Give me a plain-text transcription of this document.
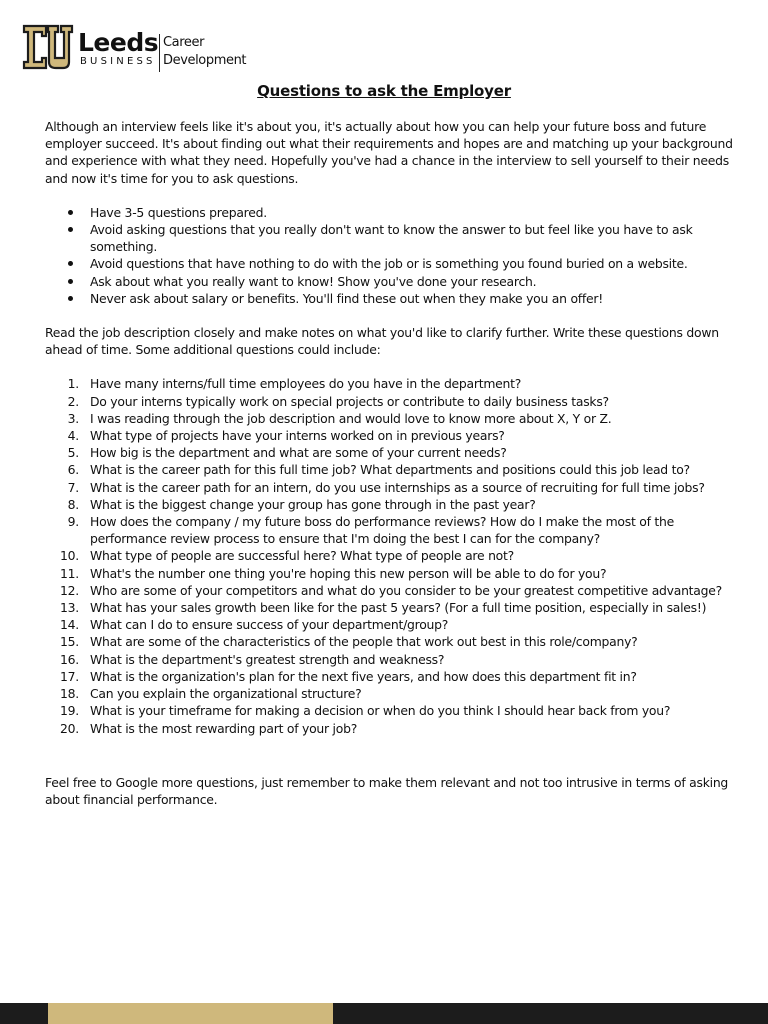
Leeds
BUSINESS
Career
Development
Questions to ask the Employer

Although an interview feels like it's about you, it's actually about how you can help your future boss and future employer succeed. It's about finding out what their requirements and hopes are and matching up your background and experience with what they need. Hopefully you've had a chance in the interview to sell yourself to their needs and now it's time for you to ask questions.

Have 3-5 questions prepared.
Avoid asking questions that you really don't want to know the answer to but feel like you have to ask something.
Avoid questions that have nothing to do with the job or is something you found buried on a website.
Ask about what you really want to know! Show you've done your research.
Never ask about salary or benefits. You'll find these out when they make you an offer!

Read the job description closely and make notes on what you'd like to clarify further. Write these questions down ahead of time. Some additional questions could include:

1. Have many interns/full time employees do you have in the department?
2. Do your interns typically work on special projects or contribute to daily business tasks?
3. I was reading through the job description and would love to know more about X, Y or Z.
4. What type of projects have your interns worked on in previous years?
5. How big is the department and what are some of your current needs?
6. What is the career path for this full time job? What departments and positions could this job lead to?
7. What is the career path for an intern, do you use internships as a source of recruiting for full time jobs?
8. What is the biggest change your group has gone through in the past year?
9. How does the company / my future boss do performance reviews? How do I make the most of the performance review process to ensure that I'm doing the best I can for the company?
10. What type of people are successful here? What type of people are not?
11. What's the number one thing you're hoping this new person will be able to do for you?
12. Who are some of your competitors and what do you consider to be your greatest competitive advantage?
13. What has your sales growth been like for the past 5 years? (For a full time position, especially in sales!)
14. What can I do to ensure success of your department/group?
15. What are some of the characteristics of the people that work out best in this role/company?
16. What is the department's greatest strength and weakness?
17. What is the organization's plan for the next five years, and how does this department fit in?
18. Can you explain the organizational structure?
19. What is your timeframe for making a decision or when do you think I should hear back from you?
20. What is the most rewarding part of your job?

Feel free to Google more questions, just remember to make them relevant and not too intrusive in terms of asking about financial performance.
